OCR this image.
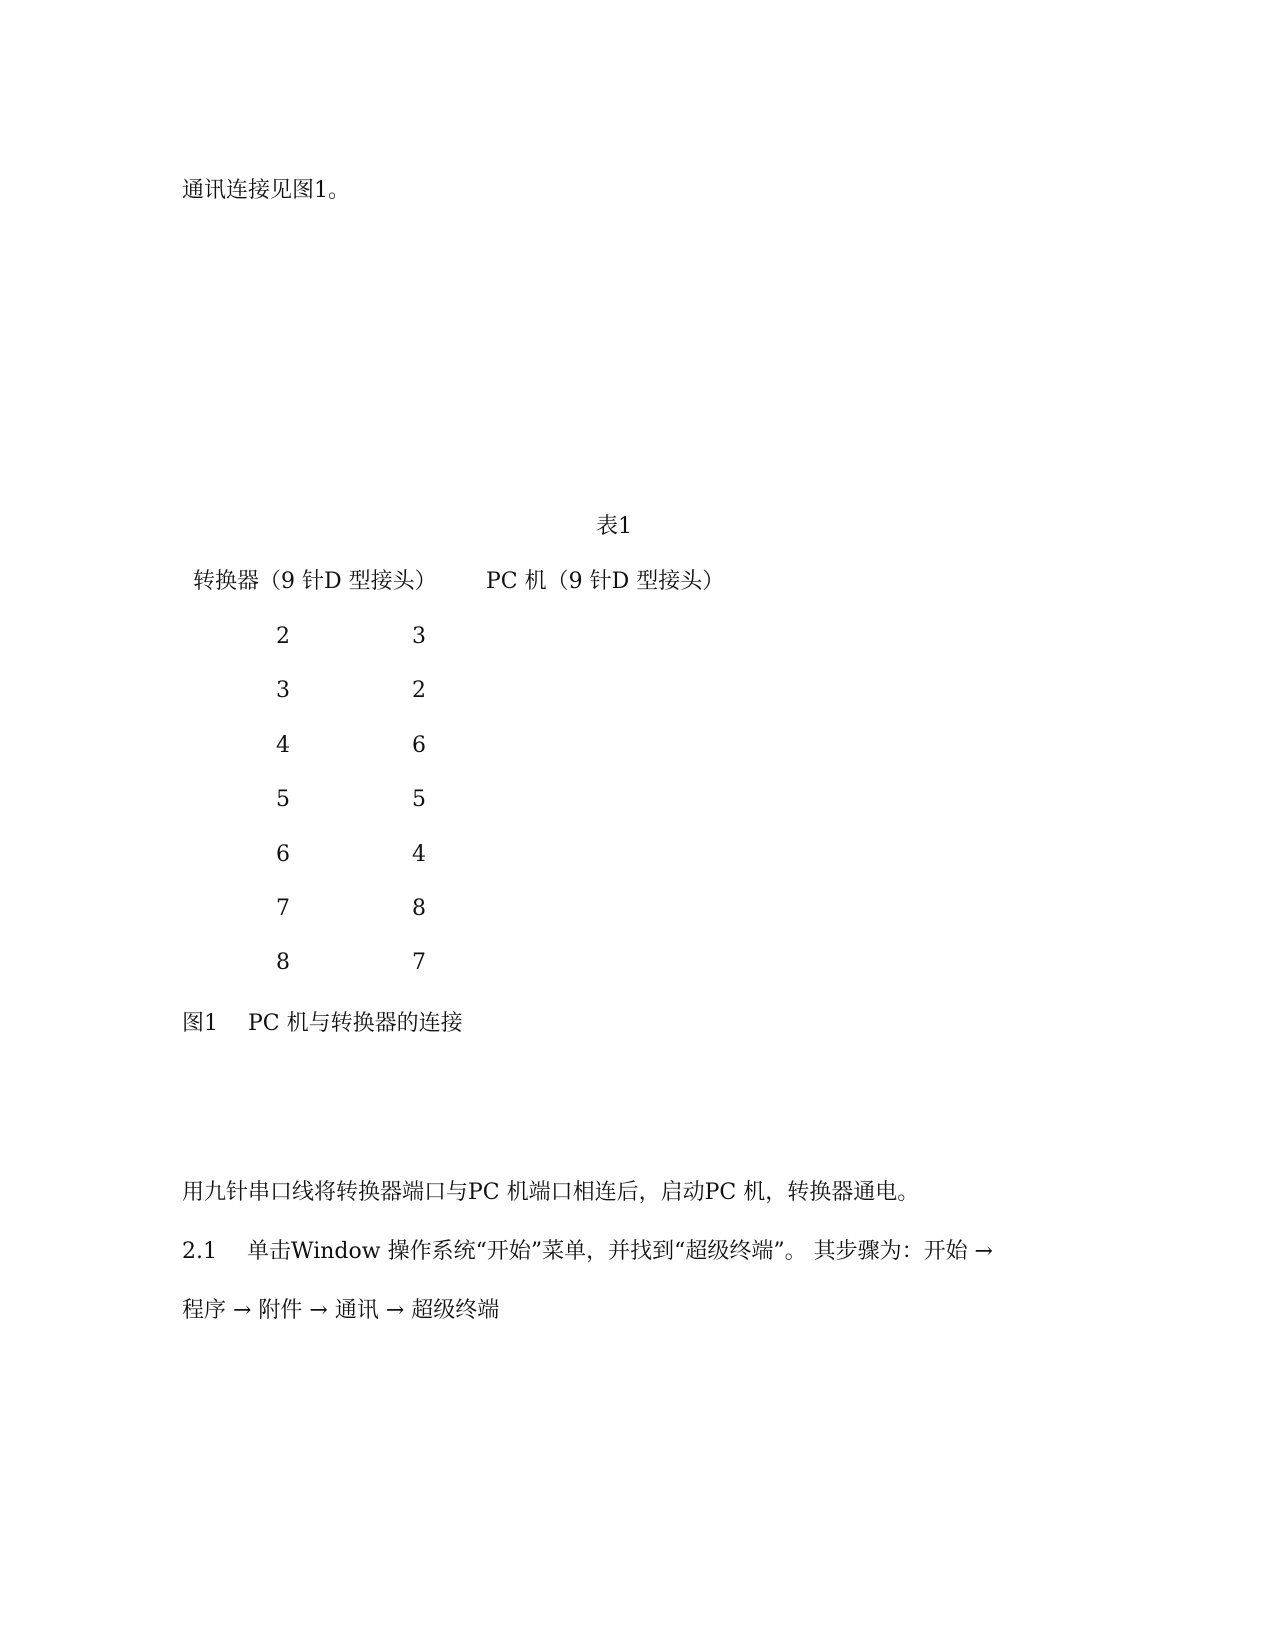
通讯连接见图1。
表1
转换器（9 针D 型接头） PC 机（9 针D 型接头）
2	3
3	2
4	6
5	5
6	4
7	8
8	7
图1 PC 机与转换器的连接
用九针串口线将转换器端口与PC 机端口相连后，启动PC 机，转换器通电。
2.1 单击Window 操作系统“开始”菜单，并找到“超级终端”。 其步骤为：开始 →
程序 → 附件 → 通讯 → 超级终端
